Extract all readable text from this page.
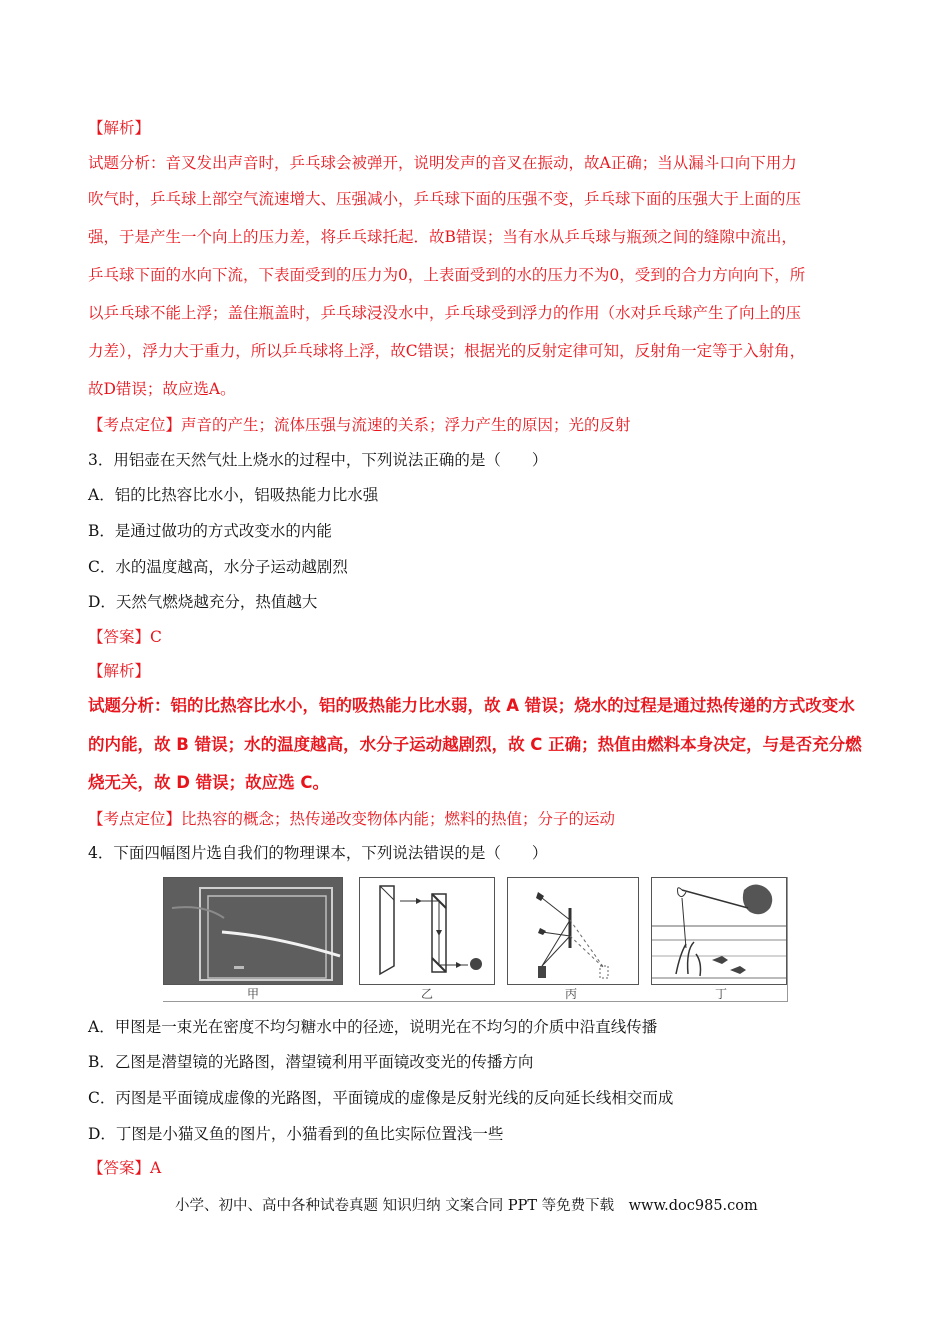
【解析】
试题分析：音叉发出声音时，乒乓球会被弹开，说明发声的音叉在振动，故A正确；当从漏斗口向下用力
吹气时，乒乓球上部空气流速增大、压强减小，乒乓球下面的压强不变，乒乓球下面的压强大于上面的压
强，于是产生一个向上的压力差，将乒乓球托起．故B错误；当有水从乒乓球与瓶颈之间的缝隙中流出，
乒乓球下面的水向下流，下表面受到的压力为0，上表面受到的水的压力不为0，受到的合力方向向下，所
以乒乓球不能上浮；盖住瓶盖时，乒乓球浸没水中，乒乓球受到浮力的作用（水对乒乓球产生了向上的压
力差），浮力大于重力，所以乒乓球将上浮，故C错误；根据光的反射定律可知，反射角一定等于入射角，
故D错误；故应选A。
【考点定位】声音的产生；流体压强与流速的关系；浮力产生的原因；光的反射
3．用铝壶在天然气灶上烧水的过程中，下列说法正确的是（　　）
A．铝的比热容比水小，铝吸热能力比水强
B．是通过做功的方式改变水的内能
C．水的温度越高，水分子运动越剧烈
D．天然气燃烧越充分，热值越大
【答案】C
【解析】
试题分析：铝的比热容比水小，铝的吸热能力比水弱，故 A 错误；烧水的过程是通过热传递的方式改变水
的内能，故 B 错误；水的温度越高，水分子运动越剧烈，故 C 正确；热值由燃料本身决定，与是否充分燃
烧无关，故 D 错误；故应选 C。
【考点定位】比热容的概念；热传递改变物体内能；燃料的热值；分子的运动
4．下面四幅图片选自我们的物理课本，下列说法错误的是（　　）
甲	乙	丙	丁
A．甲图是一束光在密度不均匀糖水中的径迹，说明光在不均匀的介质中沿直线传播
B．乙图是潜望镜的光路图，潜望镜利用平面镜改变光的传播方向
C．丙图是平面镜成虚像的光路图，平面镜成的虚像是反射光线的反向延长线相交而成
D．丁图是小猫叉鱼的图片，小猫看到的鱼比实际位置浅一些
【答案】A
小学、初中、高中各种试卷真题 知识归纳 文案合同 PPT 等免费下载　www.doc985.com
